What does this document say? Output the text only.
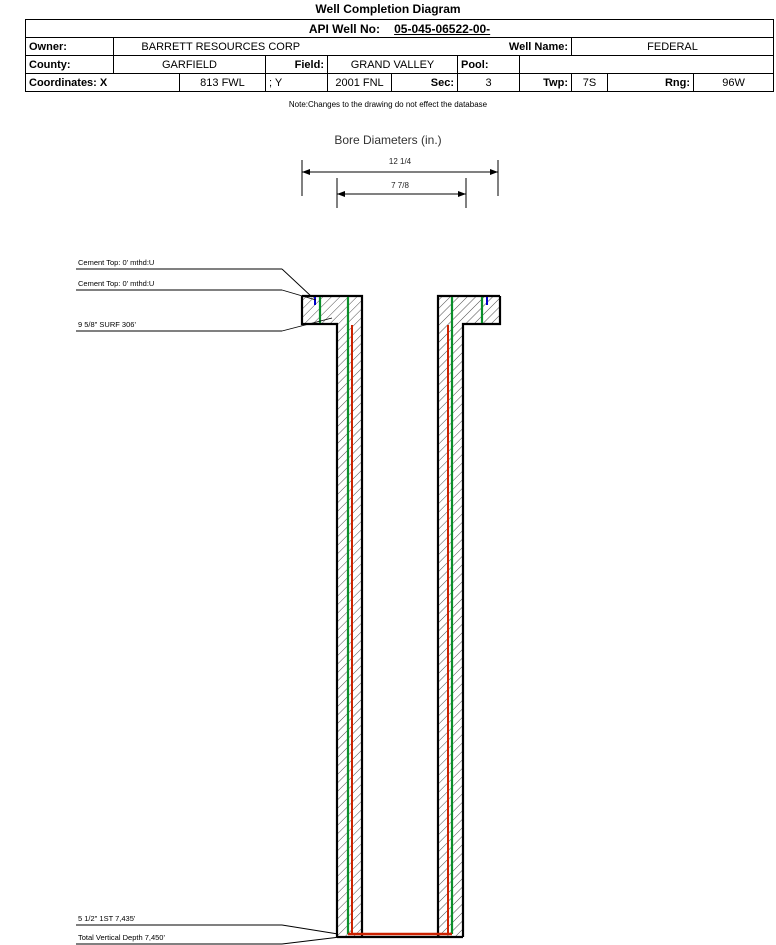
Well Completion Diagram
API Well No: 05-045-06522-00-										
Owner:	BARRETT RESOURCES CORP					Well Name:		FEDERAL		
County:	GARFIELD		Field:	GRAND VALLEY		Pool:				
Coordinates: X		813 FWL	; Y	2001 FNL	Sec:	3	Twp:	7S	Rng:	96W
Note:Changes to the drawing do not effect the database
Bore Diameters (in.)
12 1/4
7 7/8
Cement Top: 0' mthd:U
Cement Top: 0' mthd:U
9 5/8" SURF 306'
5 1/2" 1ST 7,435'
Total Vertical Depth 7,450'
